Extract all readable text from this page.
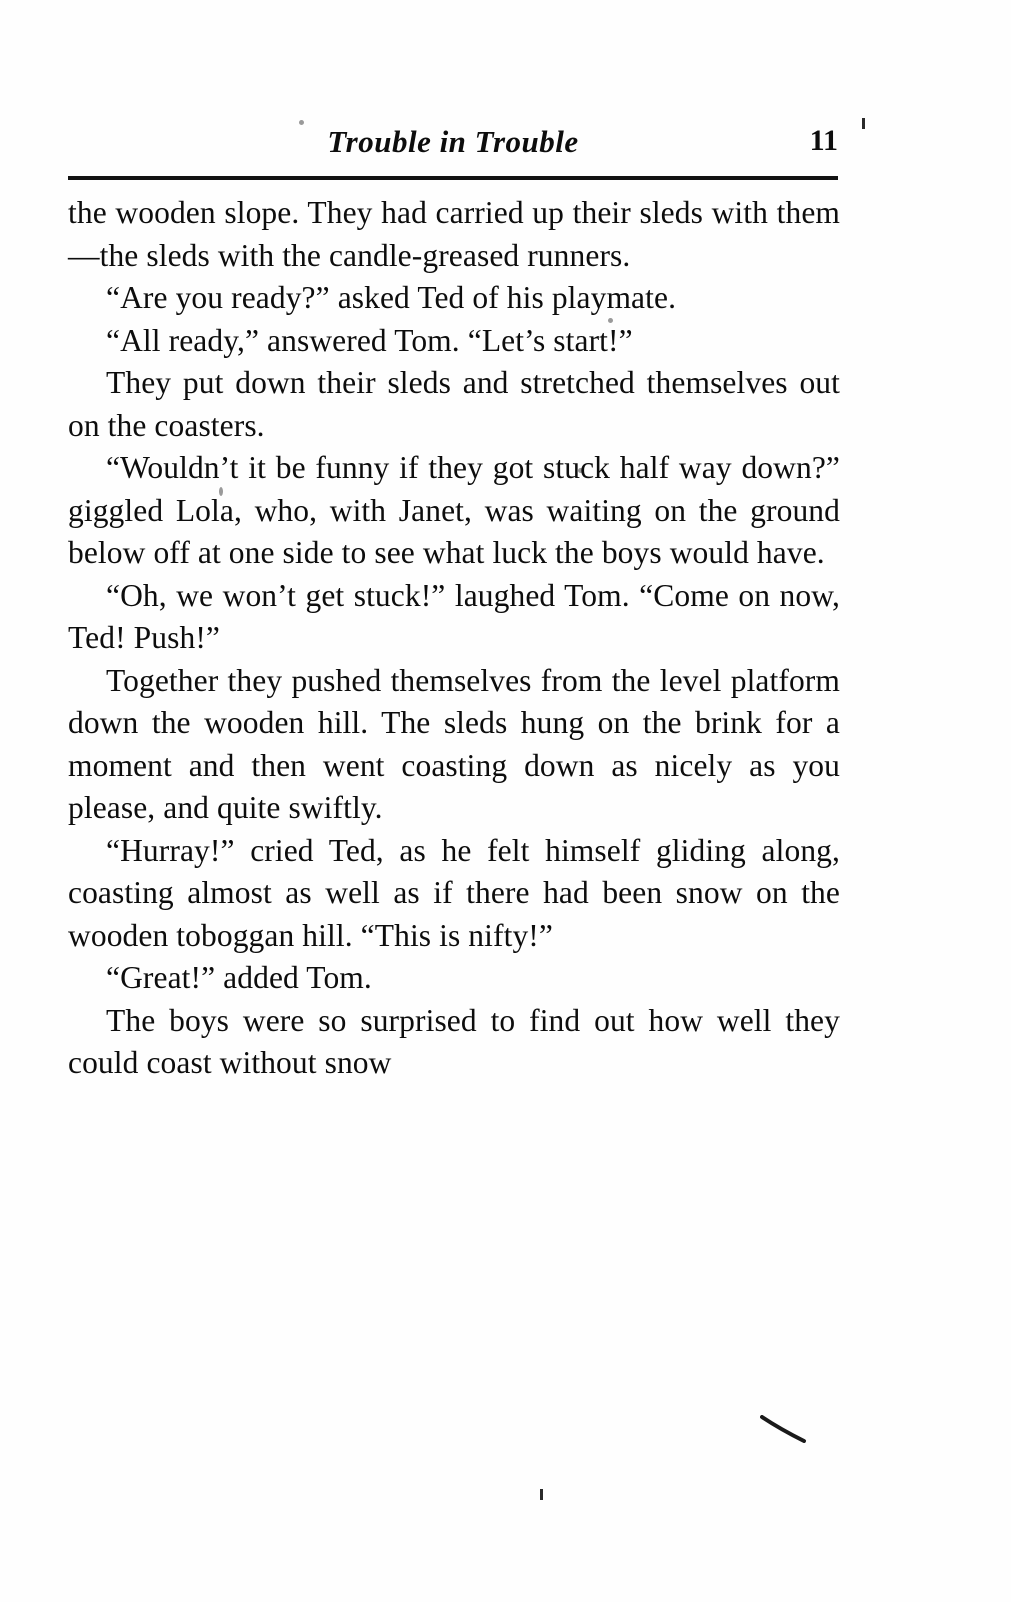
Trouble in Trouble	11

the wooden slope. They had carried up their sleds with them—the sleds with the candle-greased runners.

“Are you ready?” asked Ted of his playmate.

“All ready,” answered Tom. “Let’s start!”

They put down their sleds and stretched themselves out on the coasters.

“Wouldn’t it be funny if they got stuck half way down?” giggled Lola, who, with Janet, was waiting on the ground below off at one side to see what luck the boys would have.

“Oh, we won’t get stuck!” laughed Tom. “Come on now, Ted! Push!”

Together they pushed themselves from the level platform down the wooden hill. The sleds hung on the brink for a moment and then went coasting down as nicely as you please, and quite swiftly.

“Hurray!” cried Ted, as he felt himself gliding along, coasting almost as well as if there had been snow on the wooden toboggan hill. “This is nifty!”

“Great!” added Tom.

The boys were so surprised to find out how well they could coast without snow
